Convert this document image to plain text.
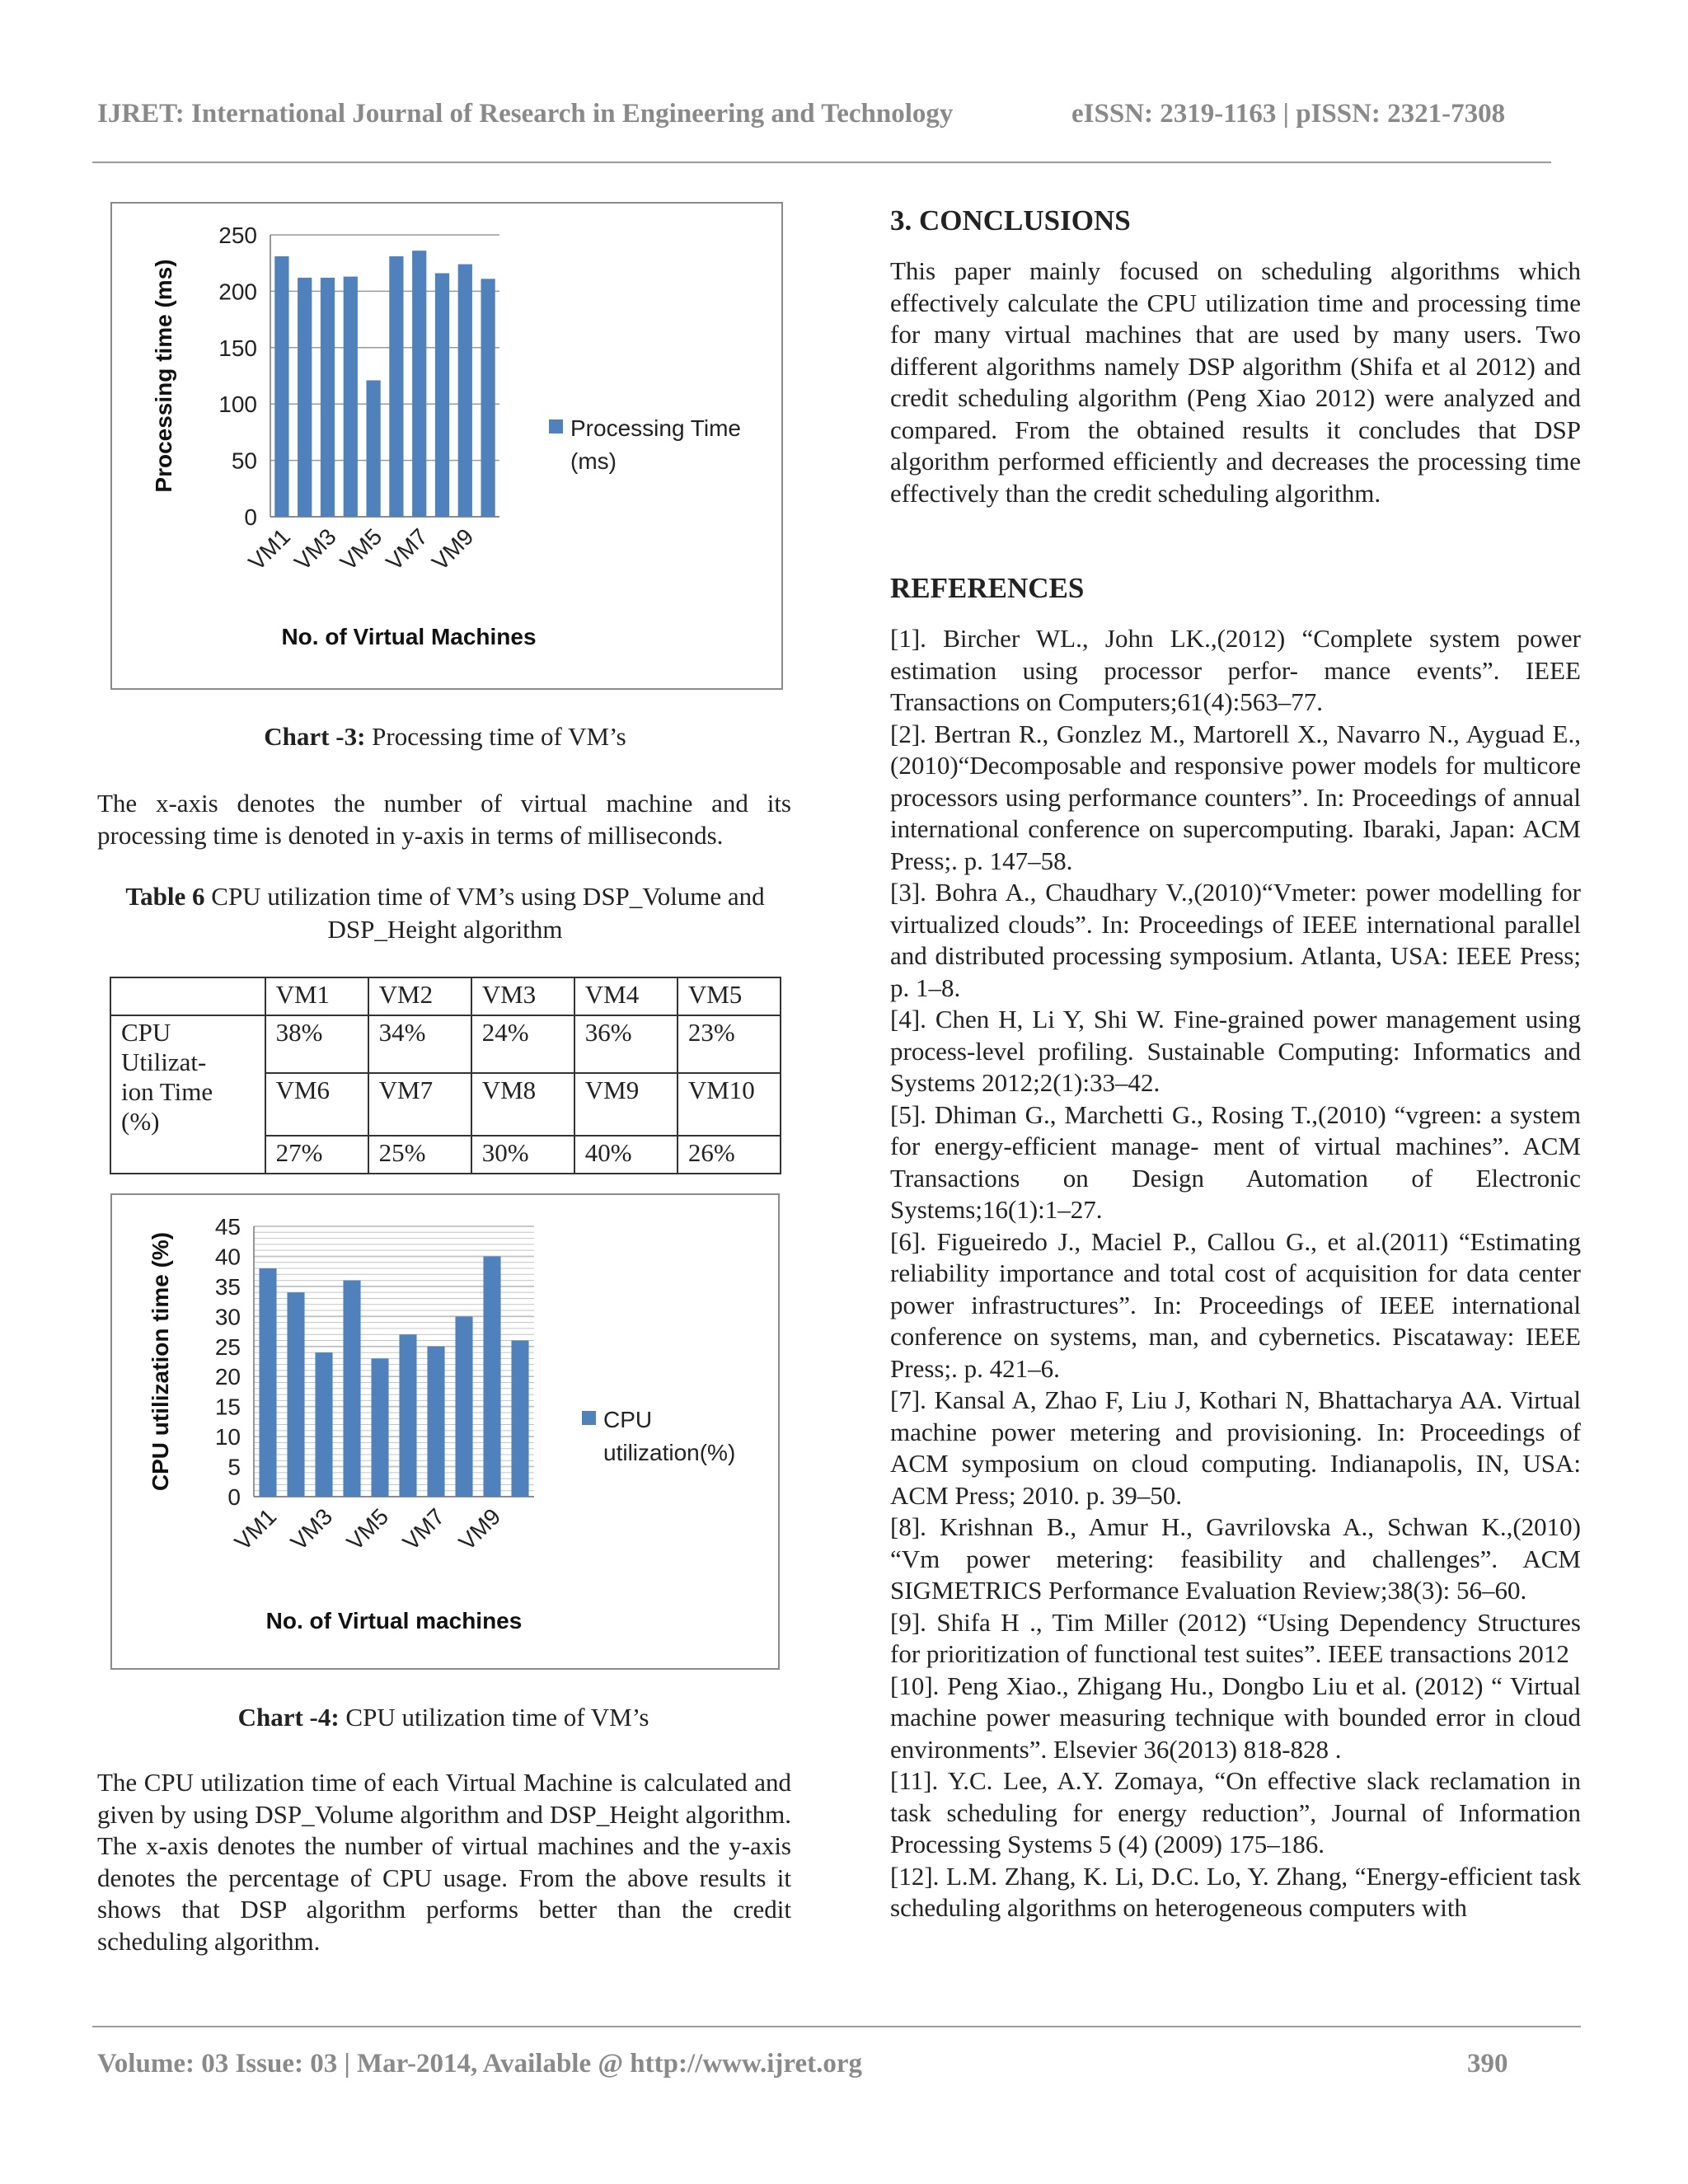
IJRET: International Journal of Research in Engineering and Technology	eISSN: 2319-1163 | pISSN: 2321-7308
0
50
100
150
200
250
VM1
VM3
VM5
VM7
VM9
Processing time (ms)
No. of Virtual Machines
Processing Time
(ms)
Chart -3: Processing time of VM’s
The x-axis denotes the number of virtual machine and its processing time is denoted in y-axis in terms of milliseconds.
Table 6 CPU utilization time of VM’s using DSP_Volume and DSP_Height algorithm
	VM1	VM2	VM3	VM4	VM5

CPU
Utilizat-
ion Time
(%)	38%	34%	24%	36%	23%
	VM6	VM7	VM8	VM9	VM10
	27%	25%	30%	40%	26%
0
5
10
15
20
25
30
35
40
45
VM1 VM3 VM5 VM7 VM9
CPU utilization time (%)
No. of Virtual machines
CPU
utilization(%)
Chart -4: CPU utilization time of VM’s
The CPU utilization time of each Virtual Machine is calculated and given by using DSP_Volume algorithm and DSP_Height algorithm. The x-axis denotes the number of virtual machines and the y-axis denotes the percentage of CPU usage. From the above results it shows that DSP algorithm performs better than the credit scheduling algorithm.
3. CONCLUSIONS
This paper mainly focused on scheduling algorithms which effectively calculate the CPU utilization time and processing time for many virtual machines that are used by many users. Two different algorithms namely DSP algorithm (Shifa et al 2012) and credit scheduling algorithm (Peng Xiao 2012) were analyzed and compared. From the obtained results it concludes that DSP algorithm performed efficiently and decreases the processing time effectively than the credit scheduling algorithm.
REFERENCES
[1]. Bircher WL., John LK.,(2012) “Complete system power estimation using processor perfor- mance events”. IEEE Transactions on Computers;61(4):563–77.
[2]. Bertran R., Gonzlez M., Martorell X., Navarro N., Ayguad E.,(2010)“Decomposable and responsive power models for multicore processors using performance counters”. In: Proceedings of annual international conference on supercomputing. Ibaraki, Japan: ACM Press;. p. 147–58.
[3]. Bohra A., Chaudhary V.,(2010)“Vmeter: power modelling for virtualized clouds”. In: Proceedings of IEEE international parallel and distributed processing symposium. Atlanta, USA: IEEE Press; p. 1–8.
[4]. Chen H, Li Y, Shi W. Fine-grained power management using process-level profiling. Sustainable Computing: Informatics and Systems 2012;2(1):33–42.
[5]. Dhiman G., Marchetti G., Rosing T.,(2010) “vgreen: a system for energy-efficient manage- ment of virtual machines”. ACM Transactions on Design Automation of Electronic Systems;16(1):1–27.
[6]. Figueiredo J., Maciel P., Callou G., et al.(2011) “Estimating reliability importance and total cost of acquisition for data center power infrastructures”. In: Proceedings of IEEE international conference on systems, man, and cybernetics. Piscataway: IEEE Press;. p. 421–6.
[7]. Kansal A, Zhao F, Liu J, Kothari N, Bhattacharya AA. Virtual machine power metering and provisioning. In: Proceedings of ACM symposium on cloud computing. Indianapolis, IN, USA: ACM Press; 2010. p. 39–50.
[8]. Krishnan B., Amur H., Gavrilovska A., Schwan K.,(2010) “Vm power metering: feasibility and challenges”. ACM SIGMETRICS Performance Evaluation Review;38(3): 56–60.
[9]. Shifa H ., Tim Miller (2012) “Using Dependency Structures for prioritization of functional test suites”. IEEE transactions 2012
[10]. Peng Xiao., Zhigang Hu., Dongbo Liu et al. (2012) “ Virtual machine power measuring technique with bounded error in cloud environments”. Elsevier 36(2013) 818-828 .
[11]. Y.C. Lee, A.Y. Zomaya, “On effective slack reclamation in task scheduling for energy reduction”, Journal of Information Processing Systems 5 (4) (2009) 175–186.
[12]. L.M. Zhang, K. Li, D.C. Lo, Y. Zhang, “Energy-efficient task scheduling algorithms on heterogeneous computers with
Volume: 03 Issue: 03 | Mar-2014, Available @ http://www.ijret.org	390
